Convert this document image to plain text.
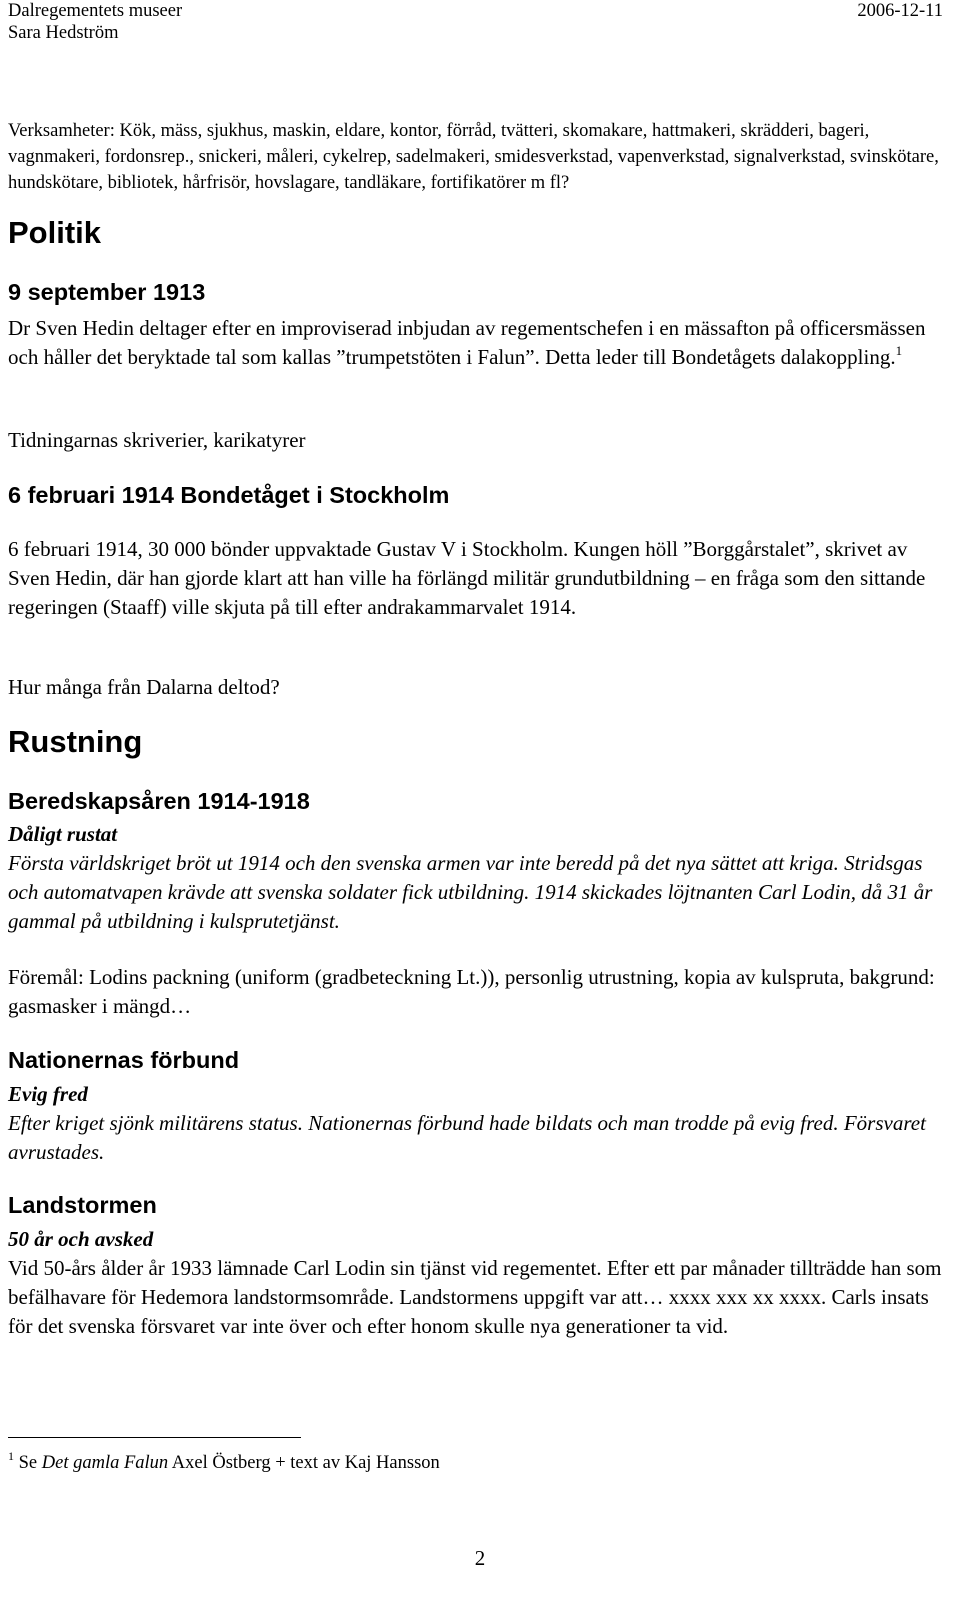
Dalregementets museer
Sara Hedström
2006-12-11

Verksamheter: Kök, mäss, sjukhus, maskin, eldare, kontor, förråd, tvätteri, skomakare, hattmakeri, skrädderi, bageri, vagnmakeri, fordonsrep., snickeri, måleri, cykelrep, sadelmakeri, smidesverkstad, vapenverkstad, signalverkstad, svinskötare, hundskötare, bibliotek, hårfrisör, hovslagare, tandläkare, fortifikatörer m fl?

Politik
9 september 1913

Dr Sven Hedin deltager efter en improviserad inbjudan av regementschefen i en mässafton på officersmässen och håller det beryktade tal som kallas ”trumpetstöten i Falun”. Detta leder till Bondetågets dalakoppling.$^1$

Tidningarnas skriverier, karikatyrer

6 februari 1914 Bondetåget i Stockholm

6 februari 1914, 30 000 bönder uppvaktade Gustav V i Stockholm. Kungen höll ”Borggårstalet”, skrivet av Sven Hedin, där han gjorde klart att han ville ha förlängd militär grundutbildning – en fråga som den sittande regeringen (Staaff) ville skjuta på till efter andrakammarvalet 1914.

Hur många från Dalarna deltod?

Rustning
Beredskapsåren 1914-1918
Dåligt rustat

Första världskriget bröt ut 1914 och den svenska armen var inte beredd på det nya sättet att kriga. Stridsgas och automatvapen krävde att svenska soldater fick utbildning. 1914 skickades löjtnanten Carl Lodin, då 31 år gammal på utbildning i kulsprutetjänst.

Föremål: Lodins packning (uniform (gradbeteckning Lt.)), personlig utrustning, kopia av kulspruta, bakgrund: gasmasker i mängd…

Nationernas förbund
Evig fred

Efter kriget sjönk militärens status. Nationernas förbund hade bildats och man trodde på evig fred. Försvaret avrustades.

Landstormen
50 år och avsked

Vid 50-års ålder år 1933 lämnade Carl Lodin sin tjänst vid regementet. Efter ett par månader tillträdde han som befälhavare för Hedemora landstormsområde. Landstormens uppgift var att… xxxx xxx xx xxxx. Carls insats för det svenska försvaret var inte över och efter honom skulle nya generationer ta vid.

$^1$ Se Det gamla Falun Axel Östberg + text av Kaj Hansson
2
